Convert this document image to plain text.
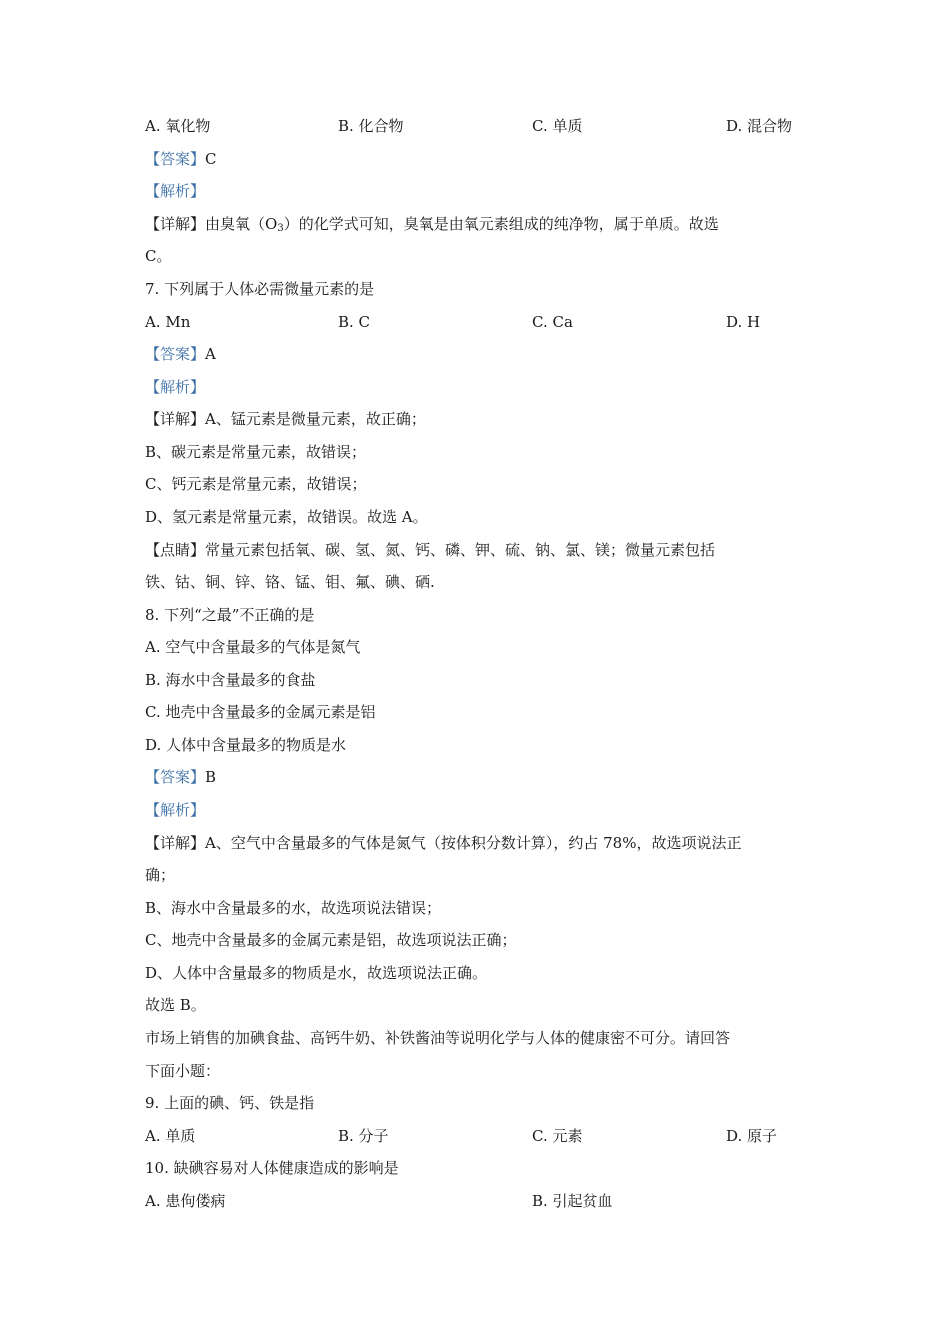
A. 氧化物	B. 化合物	C. 单质	D. 混合物
【答案】C
【解析】
【详解】由臭氧$(O_3)$的化学式可知，臭氧是由氧元素组成的纯净物，属于单质。故选
C。
7. 下列属于人体必需微量元素的是
A. Mn	B. C	C. Ca	D. H
【答案】A
【解析】
【详解】A、锰元素是微量元素，故正确；
B、碳元素是常量元素，故错误；
C、钙元素是常量元素，故错误；
D、氢元素是常量元素，故错误。故选 A。
【点睛】常量元素包括氧、碳、氢、氮、钙、磷、钾、硫、钠、氯、镁；微量元素包括
铁、钴、铜、锌、铬、锰、钼、氟、碘、硒.
8. 下列“之最”不正确的是
A. 空气中含量最多的气体是氮气
B. 海水中含量最多的食盐
C. 地壳中含量最多的金属元素是铝
D. 人体中含量最多的物质是水
【答案】B
【解析】
【详解】A、空气中含量最多的气体是氮气（按体积分数计算），约占 78%，故选项说法正
确；
B、海水中含量最多的水，故选项说法错误；
C、地壳中含量最多的金属元素是铝，故选项说法正确；
D、人体中含量最多的物质是水，故选项说法正确。
故选 B。
市场上销售的加碘食盐、高钙牛奶、补铁酱油等说明化学与人体的健康密不可分。请回答
下面小题：
9. 上面的碘、钙、铁是指
A. 单质	B. 分子	C. 元素	D. 原子
10. 缺碘容易对人体健康造成的影响是
A. 患佝偻病	B. 引起贫血
